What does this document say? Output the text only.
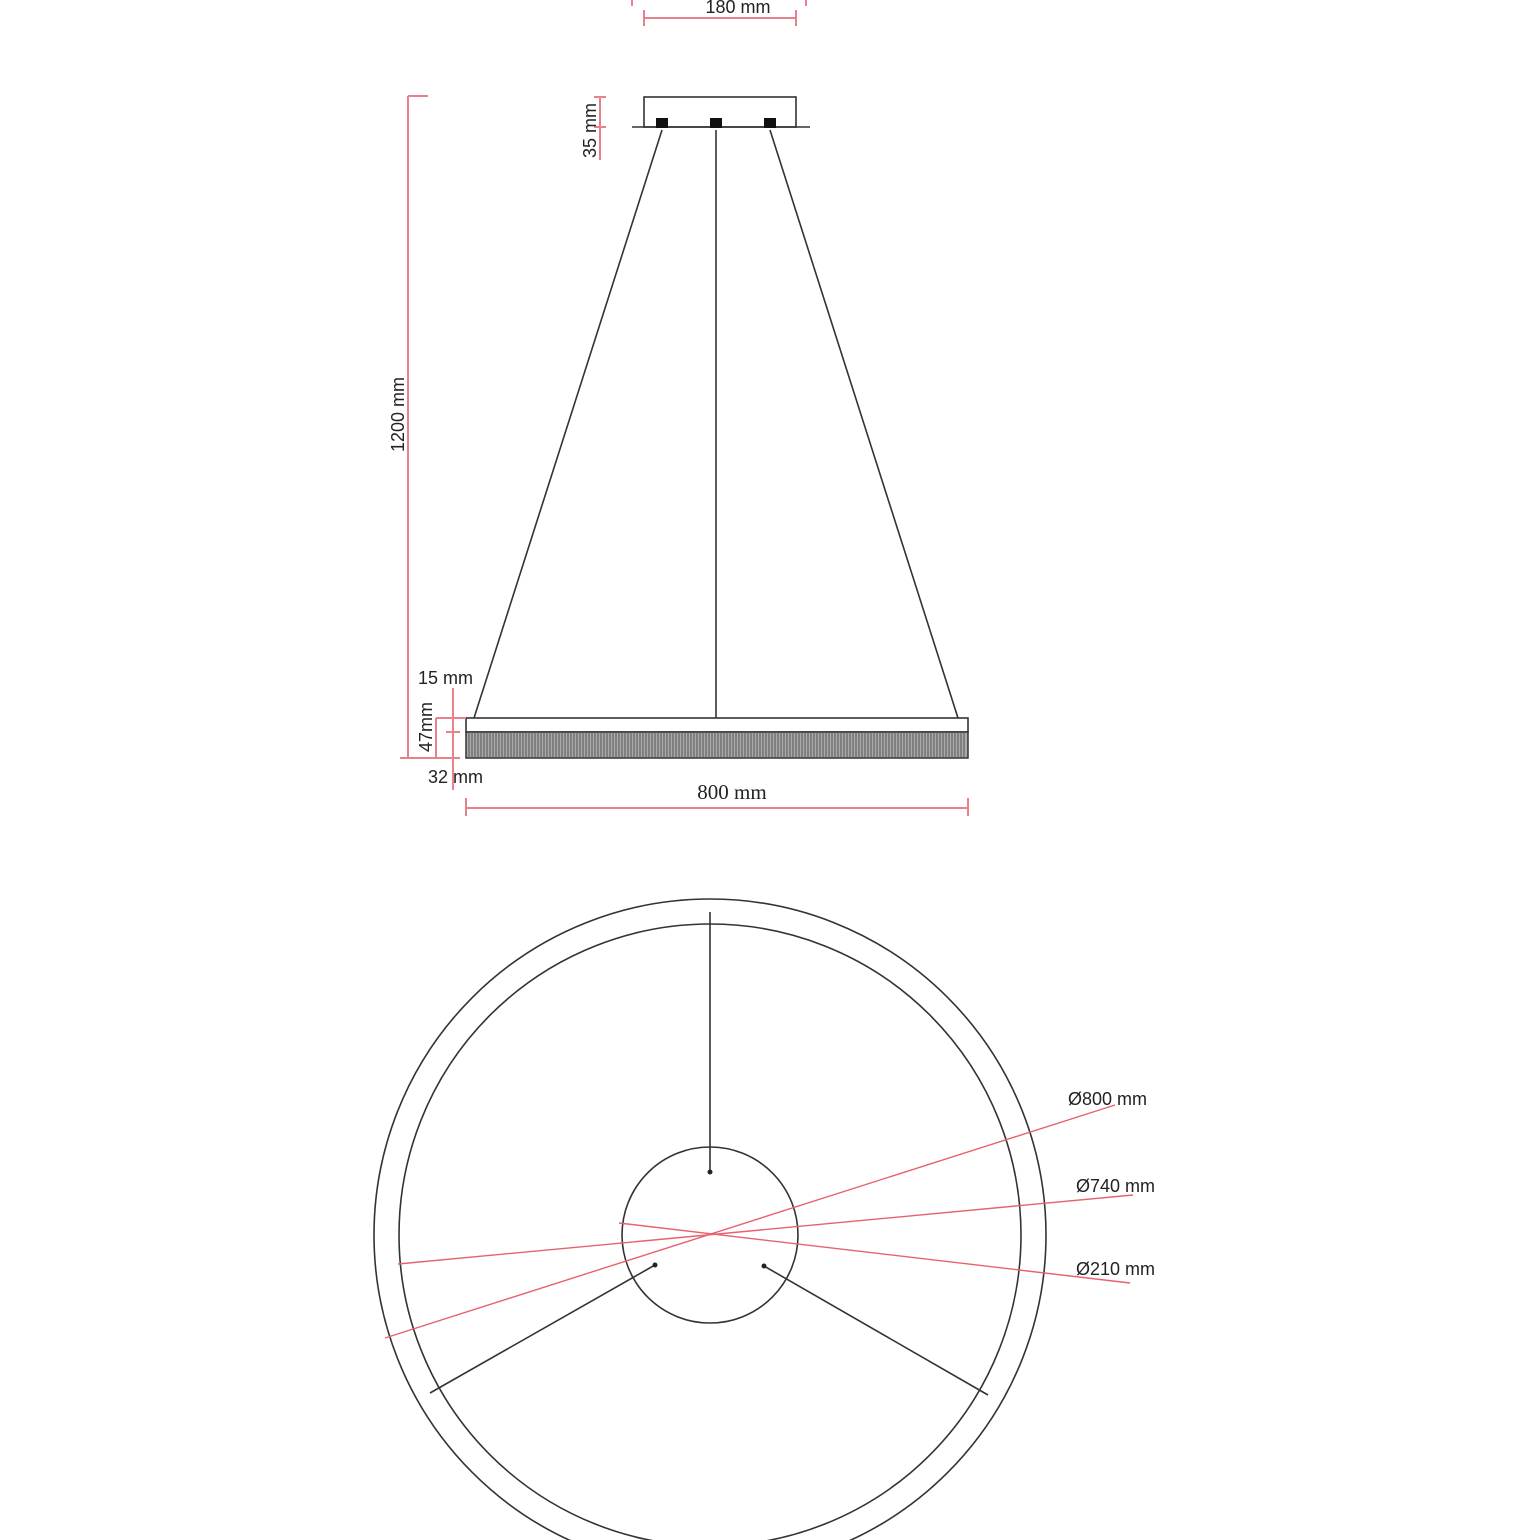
180 mm
35 mm
1200 mm
15 mm
47mm
32 mm
800 mm
Ø800 mm
Ø740 mm
Ø210 mm
